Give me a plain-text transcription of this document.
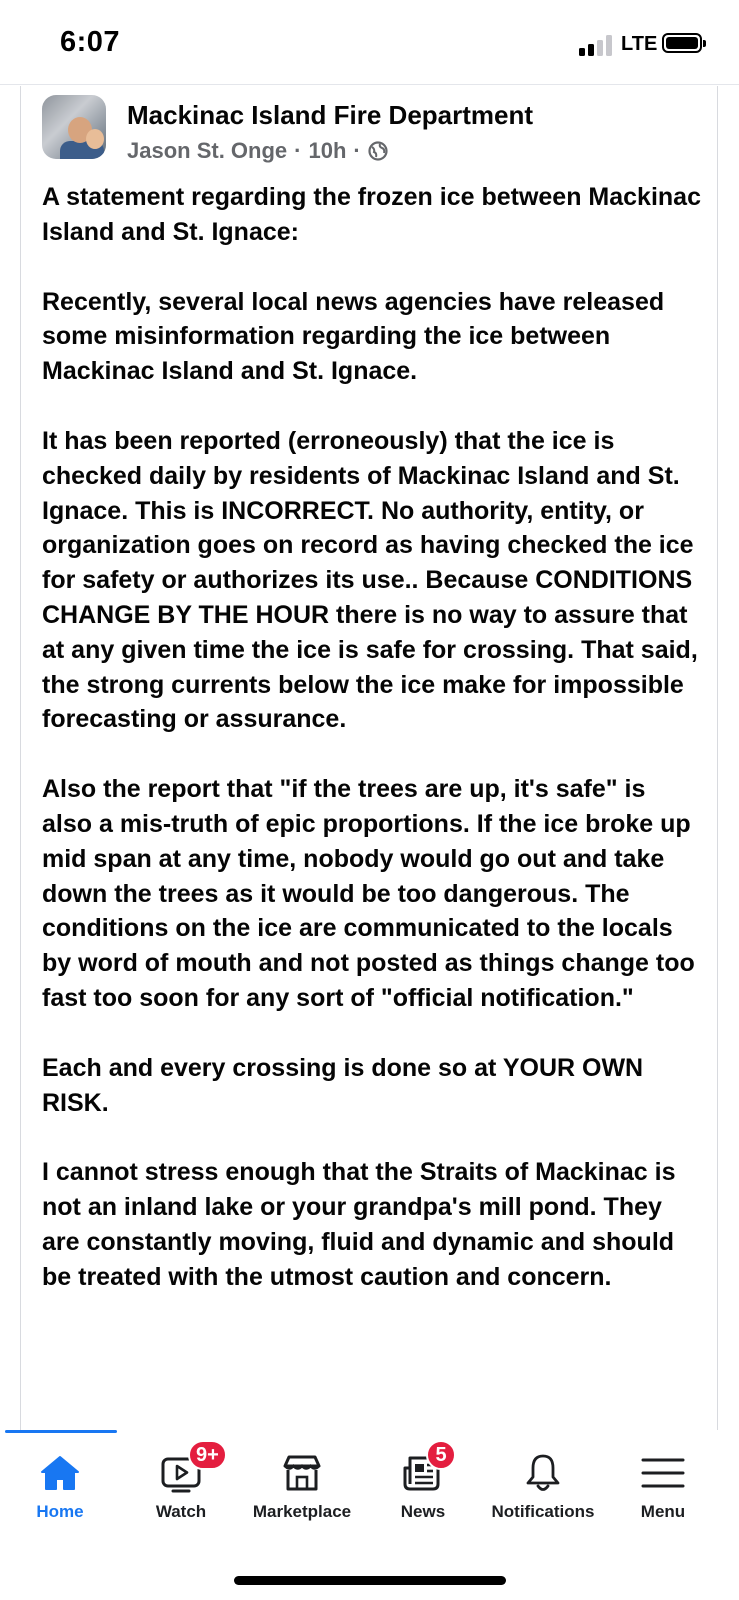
6:07	LTE
Mackinac Island Fire Department
Jason St. Onge · 10h ·

A statement regarding the frozen ice between Mackinac Island and St. Ignace:

Recently, several local news agencies have released some misinformation regarding the ice between Mackinac Island and St. Ignace.

It has been reported (erroneously) that the ice is checked daily by residents of Mackinac Island and St. Ignace. This is INCORRECT. No authority, entity, or organization goes on record as having checked the ice for safety or authorizes its use.. Because CONDITIONS CHANGE BY THE HOUR there is no way to assure that at any given time the ice is safe for crossing. That said, the strong currents below the ice make for impossible forecasting or assurance.

Also the report that "if the trees are up, it's safe" is also a mis-truth of epic proportions. If the ice broke up mid span at any time, nobody would go out and take down the trees as it would be too dangerous. The conditions on the ice are communicated to the locals by word of mouth and not posted as things change too fast too soon for any sort of "official notification."

Each and every crossing is done so at YOUR OWN RISK.

I cannot stress enough that the Straits of Mackinac is not an inland lake or your grandpa's mill pond. They are constantly moving, fluid and dynamic and should be treated with the utmost caution and concern.

Home
9+
Watch	Marketplace
5
News	Notifications	Menu
